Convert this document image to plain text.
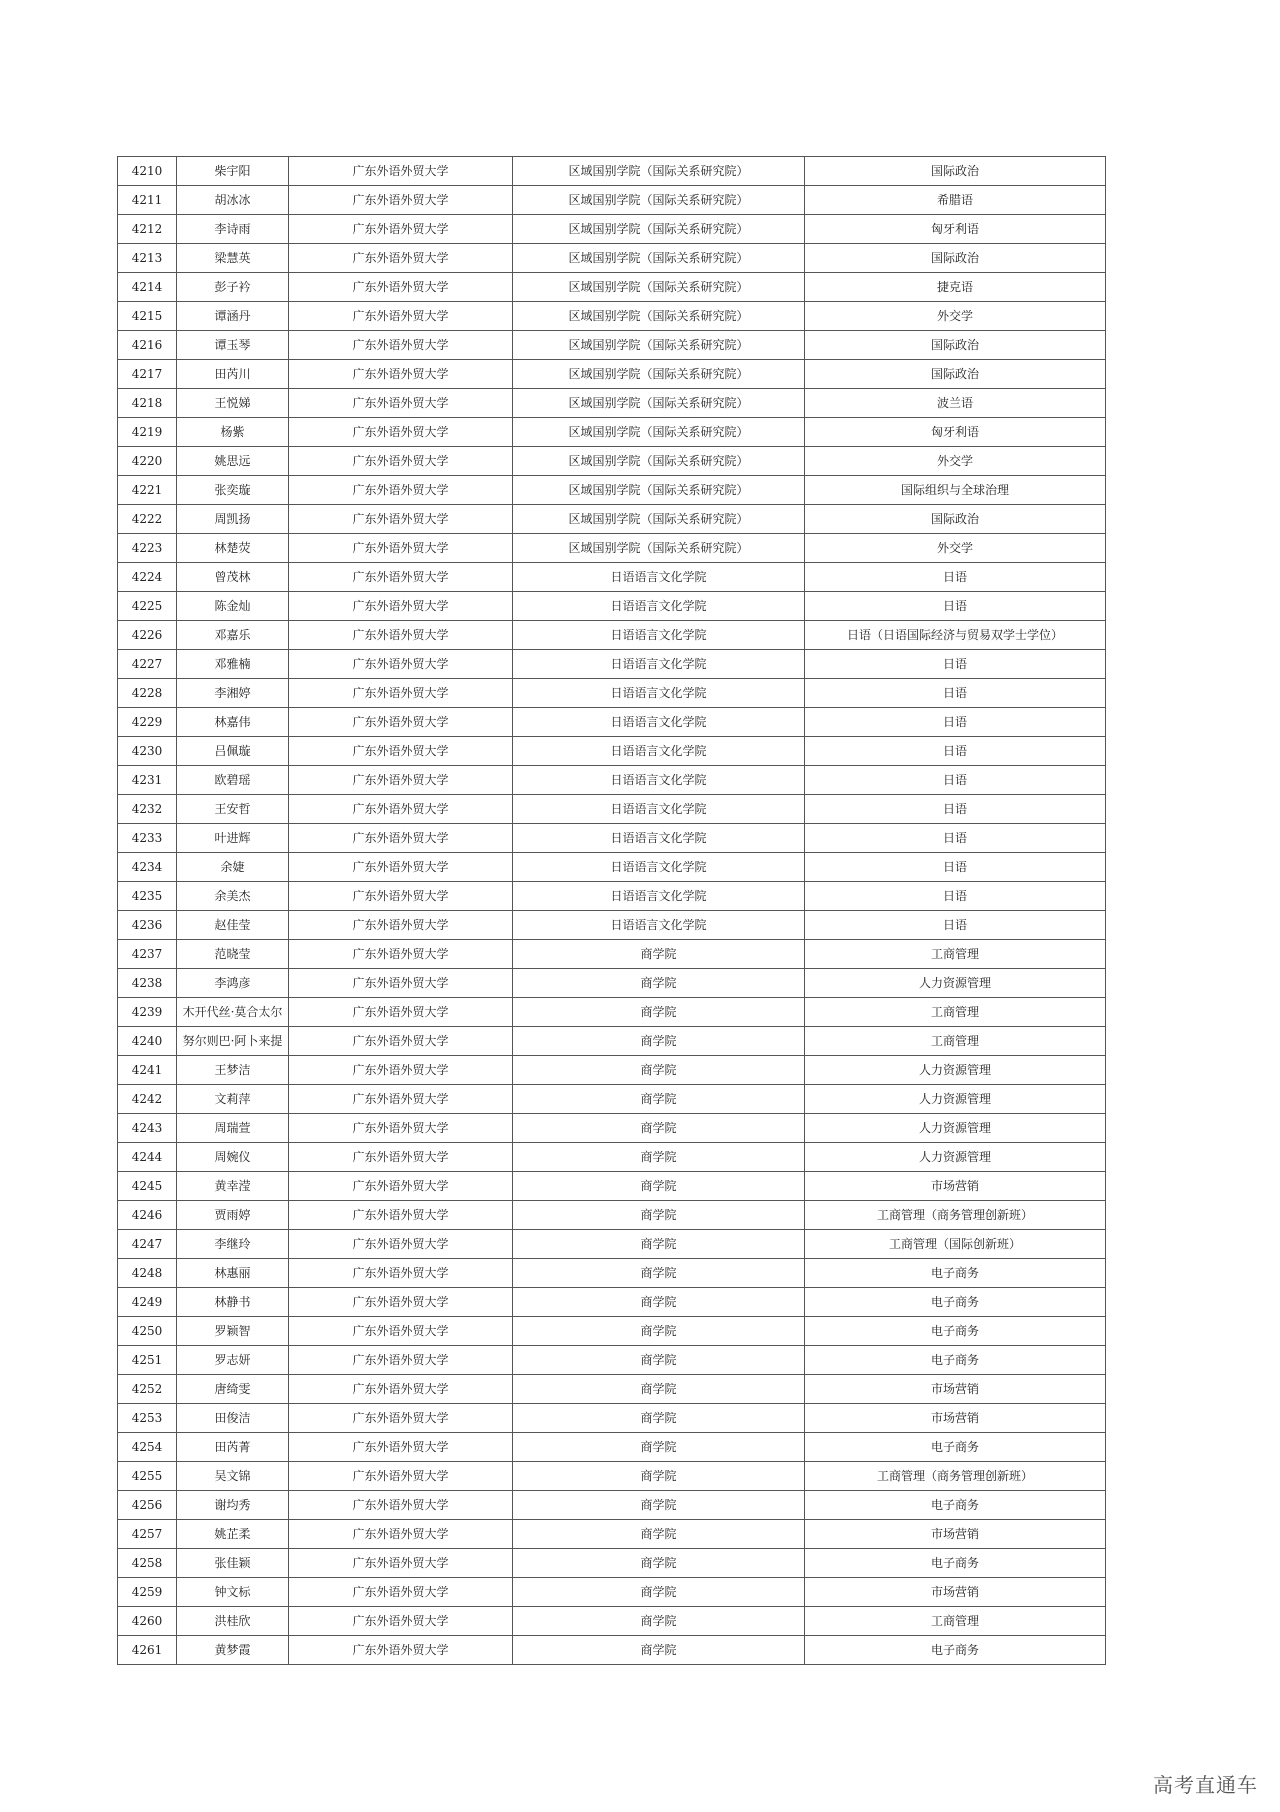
4210	柴宇阳	广东外语外贸大学	区域国别学院（国际关系研究院）	国际政治
4211	胡冰冰	广东外语外贸大学	区域国别学院（国际关系研究院）	希腊语
4212	李诗雨	广东外语外贸大学	区域国别学院（国际关系研究院）	匈牙利语
4213	梁慧英	广东外语外贸大学	区域国别学院（国际关系研究院）	国际政治
4214	彭子衿	广东外语外贸大学	区域国别学院（国际关系研究院）	捷克语
4215	谭涵丹	广东外语外贸大学	区域国别学院（国际关系研究院）	外交学
4216	谭玉琴	广东外语外贸大学	区域国别学院（国际关系研究院）	国际政治
4217	田芮川	广东外语外贸大学	区域国别学院（国际关系研究院）	国际政治
4218	王悦娣	广东外语外贸大学	区域国别学院（国际关系研究院）	波兰语
4219	杨紫	广东外语外贸大学	区域国别学院（国际关系研究院）	匈牙利语
4220	姚思远	广东外语外贸大学	区域国别学院（国际关系研究院）	外交学
4221	张奕璇	广东外语外贸大学	区域国别学院（国际关系研究院）	国际组织与全球治理
4222	周凯扬	广东外语外贸大学	区域国别学院（国际关系研究院）	国际政治
4223	林楚荧	广东外语外贸大学	区域国别学院（国际关系研究院）	外交学
4224	曾茂林	广东外语外贸大学	日语语言文化学院	日语
4225	陈金灿	广东外语外贸大学	日语语言文化学院	日语
4226	邓嘉乐	广东外语外贸大学	日语语言文化学院	日语（日语国际经济与贸易双学士学位）
4227	邓雅楠	广东外语外贸大学	日语语言文化学院	日语
4228	李湘婷	广东外语外贸大学	日语语言文化学院	日语
4229	林嘉伟	广东外语外贸大学	日语语言文化学院	日语
4230	吕佩璇	广东外语外贸大学	日语语言文化学院	日语
4231	欧碧瑶	广东外语外贸大学	日语语言文化学院	日语
4232	王安哲	广东外语外贸大学	日语语言文化学院	日语
4233	叶进辉	广东外语外贸大学	日语语言文化学院	日语
4234	余婕	广东外语外贸大学	日语语言文化学院	日语
4235	余美杰	广东外语外贸大学	日语语言文化学院	日语
4236	赵佳莹	广东外语外贸大学	日语语言文化学院	日语
4237	范晓莹	广东外语外贸大学	商学院	工商管理
4238	李鸿彦	广东外语外贸大学	商学院	人力资源管理
4239	木开代丝·莫合太尔	广东外语外贸大学	商学院	工商管理
4240	努尔则巴·阿卜来提	广东外语外贸大学	商学院	工商管理
4241	王梦洁	广东外语外贸大学	商学院	人力资源管理
4242	文莉萍	广东外语外贸大学	商学院	人力资源管理
4243	周瑞萱	广东外语外贸大学	商学院	人力资源管理
4244	周婉仪	广东外语外贸大学	商学院	人力资源管理
4245	黄幸滢	广东外语外贸大学	商学院	市场营销
4246	贾雨婷	广东外语外贸大学	商学院	工商管理（商务管理创新班）
4247	李继玲	广东外语外贸大学	商学院	工商管理（国际创新班）
4248	林惠丽	广东外语外贸大学	商学院	电子商务
4249	林静书	广东外语外贸大学	商学院	电子商务
4250	罗颖智	广东外语外贸大学	商学院	电子商务
4251	罗志妍	广东外语外贸大学	商学院	电子商务
4252	唐绮雯	广东外语外贸大学	商学院	市场营销
4253	田俊洁	广东外语外贸大学	商学院	市场营销
4254	田芮菁	广东外语外贸大学	商学院	电子商务
4255	吴文锦	广东外语外贸大学	商学院	工商管理（商务管理创新班）
4256	谢均秀	广东外语外贸大学	商学院	电子商务
4257	姚芷柔	广东外语外贸大学	商学院	市场营销
4258	张佳颖	广东外语外贸大学	商学院	电子商务
4259	钟文标	广东外语外贸大学	商学院	市场营销
4260	洪桂欣	广东外语外贸大学	商学院	工商管理
4261	黄梦霞	广东外语外贸大学	商学院	电子商务
高考直通车
